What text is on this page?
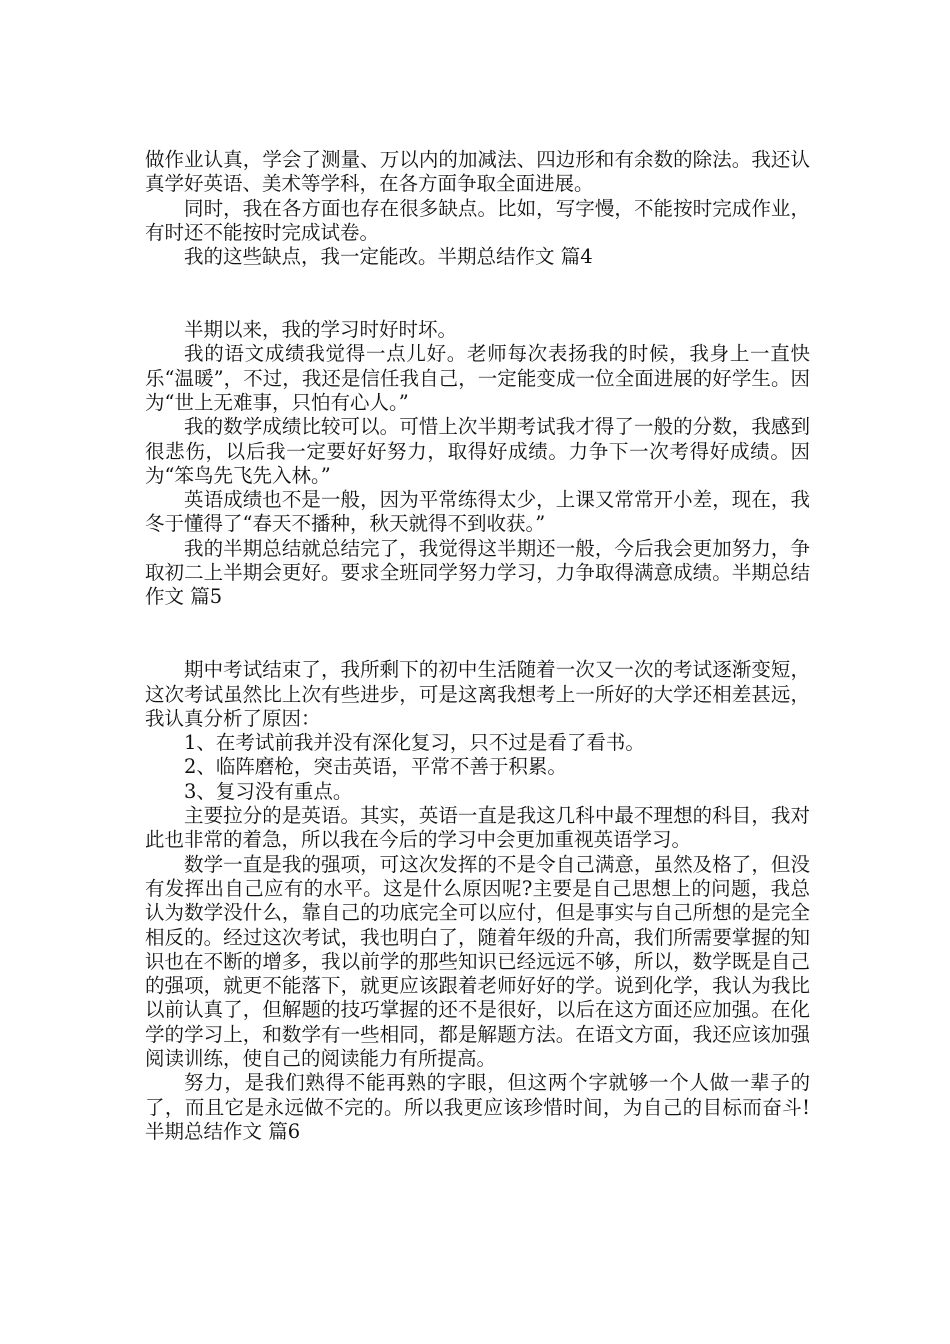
做作业认真，学会了测量、万以内的加减法、四边形和有余数的除法。我还认真学好英语、美术等学科，在各方面争取全面进展。

同时，我在各方面也存在很多缺点。比如，写字慢，不能按时完成作业，有时还不能按时完成试卷。

我的这些缺点，我一定能改。半期总结作文 篇4

半期以来，我的学习时好时坏。

我的语文成绩我觉得一点儿好。老师每次表扬我的时候，我身上一直快乐“温暖”，不过，我还是信任我自己，一定能变成一位全面进展的好学生。因为“世上无难事，只怕有心人。”

我的数学成绩比较可以。可惜上次半期考试我才得了一般的分数，我感到很悲伤，以后我一定要好好努力，取得好成绩。力争下一次考得好成绩。因为“笨鸟先飞先入林。”

英语成绩也不是一般，因为平常练得太少，上课又常常开小差，现在，我冬于懂得了“春天不播种，秋天就得不到收获。”

我的半期总结就总结完了，我觉得这半期还一般，今后我会更加努力，争取初二上半期会更好。要求全班同学努力学习，力争取得满意成绩。半期总结作文 篇5

期中考试结束了，我所剩下的初中生活随着一次又一次的考试逐渐变短，这次考试虽然比上次有些进步，可是这离我想考上一所好的大学还相差甚远，我认真分析了原因：

1、在考试前我并没有深化复习，只不过是看了看书。

2、临阵磨枪，突击英语，平常不善于积累。

3、复习没有重点。

主要拉分的是英语。其实，英语一直是我这几科中最不理想的科目，我对此也非常的着急，所以我在今后的学习中会更加重视英语学习。

数学一直是我的强项，可这次发挥的不是令自己满意，虽然及格了，但没有发挥出自己应有的水平。这是什么原因呢?主要是自己思想上的问题，我总认为数学没什么，靠自己的功底完全可以应付，但是事实与自己所想的是完全相反的。经过这次考试，我也明白了，随着年级的升高，我们所需要掌握的知识也在不断的增多，我以前学的那些知识已经远远不够，所以，数学既是自己的强项，就更不能落下，就更应该跟着老师好好的学。说到化学，我认为我比以前认真了，但解题的技巧掌握的还不是很好，以后在这方面还应加强。在化学的学习上，和数学有一些相同，都是解题方法。在语文方面，我还应该加强阅读训练，使自己的阅读能力有所提高。

努力，是我们熟得不能再熟的字眼，但这两个字就够一个人做一辈子的了，而且它是永远做不完的。所以我更应该珍惜时间，为自己的目标而奋斗!半期总结作文 篇6
